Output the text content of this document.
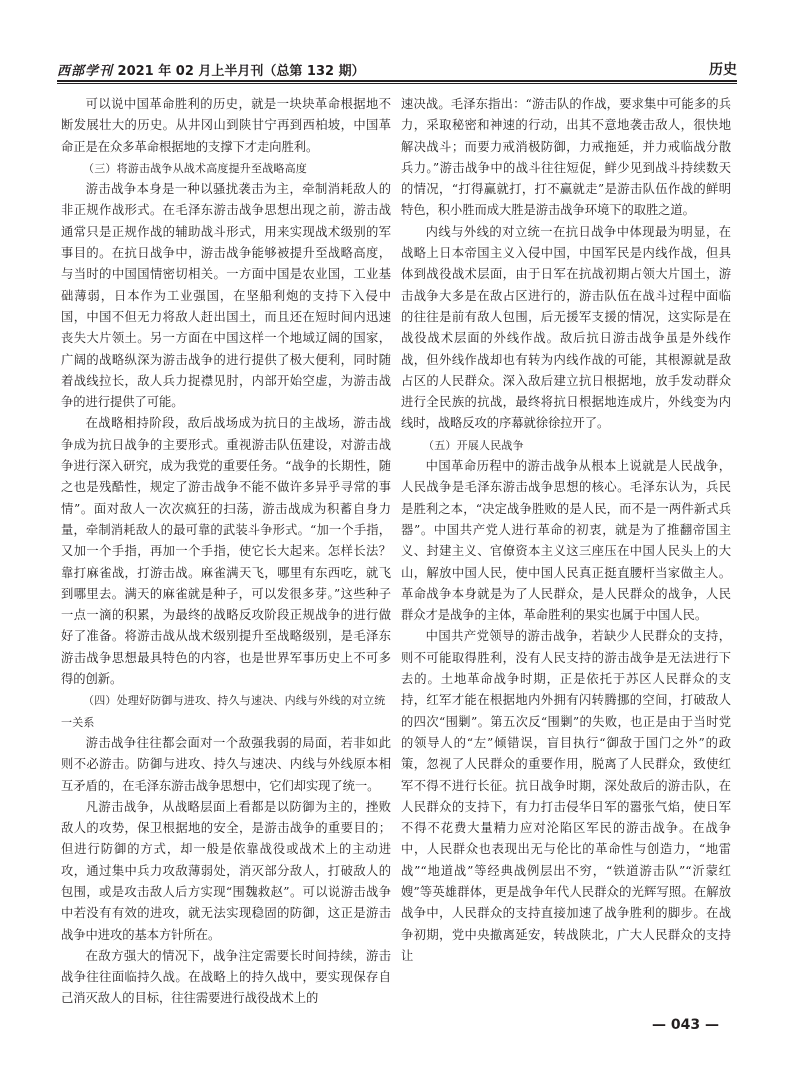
西部学刊 2021 年 02 月上半月刊（总第 132 期）	历史

可以说中国革命胜利的历史，就是一块块革命根据地不断发展壮大的历史。从井冈山到陕甘宁再到西柏坡，中国革命正是在众多革命根据地的支撑下才走向胜利。

（三）将游击战争从战术高度提升至战略高度

游击战争本身是一种以骚扰袭击为主，牵制消耗敌人的非正规作战形式。在毛泽东游击战争思想出现之前，游击战通常只是正规作战的辅助战斗形式，用来实现战术级别的军事目的。在抗日战争中，游击战争能够被提升至战略高度，与当时的中国国情密切相关。一方面中国是农业国，工业基础薄弱，日本作为工业强国，在坚船利炮的支持下入侵中国，中国不但无力将敌人赶出国土，而且还在短时间内迅速丧失大片领土。另一方面在中国这样一个地域辽阔的国家，广阔的战略纵深为游击战争的进行提供了极大便利，同时随着战线拉长，敌人兵力捉襟见肘，内部开始空虚，为游击战争的进行提供了可能。

在战略相持阶段，敌后战场成为抗日的主战场，游击战争成为抗日战争的主要形式。重视游击队伍建设，对游击战争进行深入研究，成为我党的重要任务。“战争的长期性，随之也是残酷性，规定了游击战争不能不做许多异乎寻常的事情”。面对敌人一次次疯狂的扫荡，游击战成为积蓄自身力量，牵制消耗敌人的最可靠的武装斗争形式。“加一个手指，又加一个手指，再加一个手指，使它长大起来。怎样长法？靠打麻雀战，打游击战。麻雀满天飞，哪里有东西吃，就飞到哪里去。满天的麻雀就是种子，可以发很多芽。”这些种子一点一滴的积累，为最终的战略反攻阶段正规战争的进行做好了准备。将游击战从战术级别提升至战略级别，是毛泽东游击战争思想最具特色的内容，也是世界军事历史上不可多得的创新。

（四）处理好防御与进攻、持久与速决、内线与外线的对立统一关系

游击战争往往都会面对一个敌强我弱的局面，若非如此则不必游击。防御与进攻、持久与速决、内线与外线原本相互矛盾的，在毛泽东游击战争思想中，它们却实现了统一。

凡游击战争，从战略层面上看都是以防御为主的，挫败敌人的攻势，保卫根据地的安全，是游击战争的重要目的；但进行防御的方式，却一般是依靠战役或战术上的主动进攻，通过集中兵力攻敌薄弱处，消灭部分敌人，打破敌人的包围，或是攻击敌人后方实现“围魏救赵”。可以说游击战争中若没有有效的进攻，就无法实现稳固的防御，这正是游击战争中进攻的基本方针所在。

在敌方强大的情况下，战争注定需要长时间持续，游击战争往往面临持久战。在战略上的持久战中，要实现保存自己消灭敌人的目标，往往需要进行战役战术上的

速决战。毛泽东指出：“游击队的作战，要求集中可能多的兵力，采取秘密和神速的行动，出其不意地袭击敌人，很快地解决战斗；而要力戒消极防御，力戒拖延，并力戒临战分散兵力。”游击战争中的战斗往往短促，鲜少见到战斗持续数天的情况，“打得赢就打，打不赢就走”是游击队伍作战的鲜明特色，积小胜而成大胜是游击战争环境下的取胜之道。

内线与外线的对立统一在抗日战争中体现最为明显，在战略上日本帝国主义入侵中国，中国军民是内线作战，但具体到战役战术层面，由于日军在抗战初期占领大片国土，游击战争大多是在敌占区进行的，游击队伍在战斗过程中面临的往往是前有敌人包围，后无援军支援的情况，这实际是在战役战术层面的外线作战。敌后抗日游击战争虽是外线作战，但外线作战却也有转为内线作战的可能，其根源就是敌占区的人民群众。深入敌后建立抗日根据地，放手发动群众进行全民族的抗战，最终将抗日根据地连成片，外线变为内线时，战略反攻的序幕就徐徐拉开了。

（五）开展人民战争

中国革命历程中的游击战争从根本上说就是人民战争，人民战争是毛泽东游击战争思想的核心。毛泽东认为，兵民是胜利之本，“决定战争胜败的是人民，而不是一两件新式兵器”。中国共产党人进行革命的初衷，就是为了推翻帝国主义、封建主义、官僚资本主义这三座压在中国人民头上的大山，解放中国人民，使中国人民真正挺直腰杆当家做主人。革命战争本身就是为了人民群众，是人民群众的战争，人民群众才是战争的主体，革命胜利的果实也属于中国人民。

中国共产党领导的游击战争，若缺少人民群众的支持，则不可能取得胜利，没有人民支持的游击战争是无法进行下去的。土地革命战争时期，正是依托于苏区人民群众的支持，红军才能在根据地内外拥有闪转腾挪的空间，打破敌人的四次“围剿”。第五次反“围剿”的失败，也正是由于当时党的领导人的“左”倾错误，盲目执行“御敌于国门之外”的政策，忽视了人民群众的重要作用，脱离了人民群众，致使红军不得不进行长征。抗日战争时期，深处敌后的游击队，在人民群众的支持下，有力打击侵华日军的嚣张气焰，使日军不得不花费大量精力应对沦陷区军民的游击战争。在战争中，人民群众也表现出无与伦比的革命性与创造力，“地雷战”“地道战”等经典战例层出不穷，“铁道游击队”“沂蒙红嫂”等英雄群体，更是战争年代人民群众的光辉写照。在解放战争中，人民群众的支持直接加速了战争胜利的脚步。在战争初期，党中央撤离延安，转战陕北，广大人民群众的支持让

— 043 —
